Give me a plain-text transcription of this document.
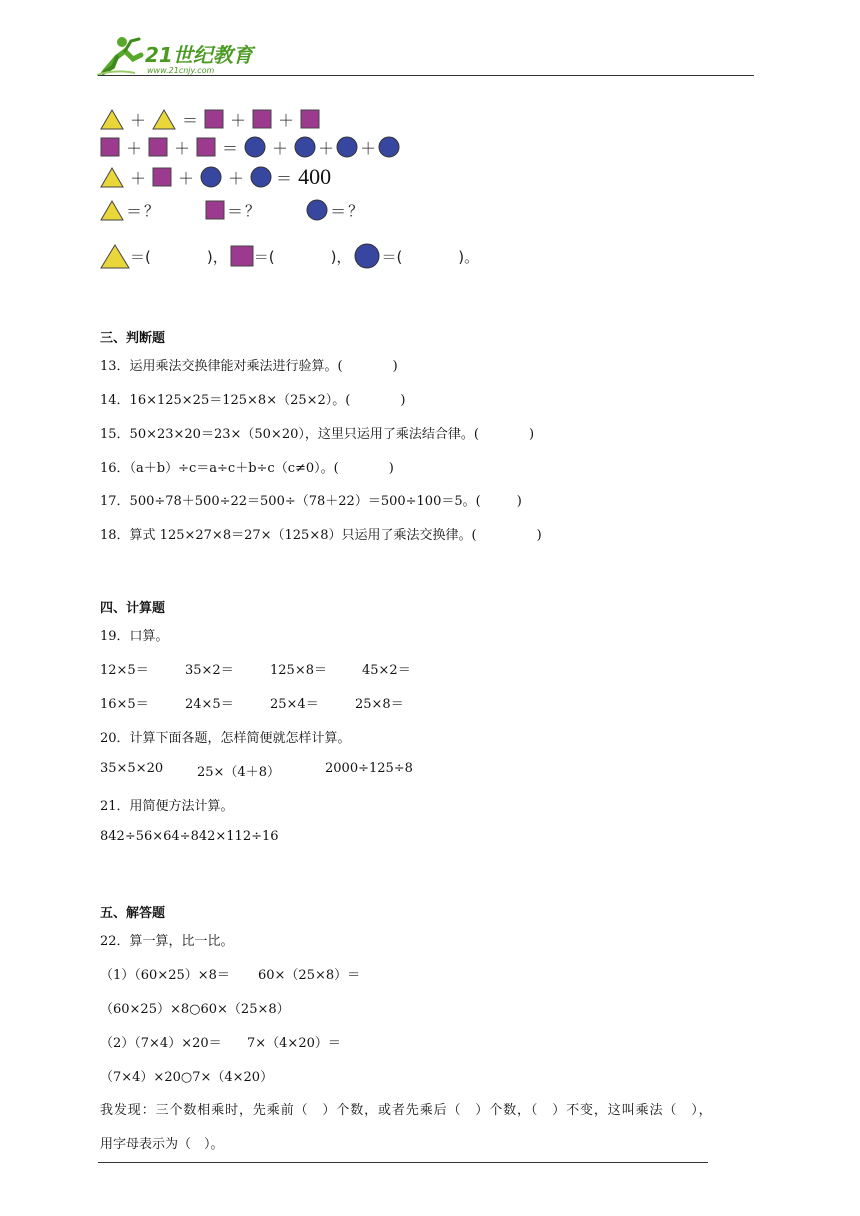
21世纪教育
www.21cnjy.com
＋ ＝ ＋ ＋
＋ ＋ ＝ ＋ ＋ ＋
＋ ＋ ＋ ＝ 400
＝ ？	＝ ？	＝ ？
＝(	)， ＝(	)， ＝(	)。
三、判断题
13．运用乘法交换律能对乘法进行验算。(	)
14．16×125×25＝125×8×（25×2）。(	)
15．50×23×20＝23×（50×20），这里只运用了乘法结合律。(	)
16．（a＋b）÷c＝a÷c＋b÷c（c≠0）。(	)
17．500÷78＋500÷22＝500÷（78＋22）＝500÷100＝5。(	)
18．算式 125×27×8＝27×（125×8）只运用了乘法交换律。(	)
四、计算题
19．口算。
12×5＝	35×2＝	125×8＝	45×2＝
16×5＝	24×5＝	25×4＝	25×8＝
20．计算下面各题，怎样简便就怎样计算。
35×5×20	25×（4＋8）	2000÷125÷8
21．用简便方法计算。
842÷56×64÷842×112÷16
五、解答题
22．算一算，比一比。
（1）（60×25）×8＝ 60×（25×8）＝
（60×25）×8○60×（25×8）
（2）（7×4）×20＝ 7×（4×20）＝
（7×4）×20○7×（4×20）
我发现：三个数相乘时，先乘前（　）个数，或者先乘后（　）个数，（　）不变，这叫乘法（　），
用字母表示为（　）。
